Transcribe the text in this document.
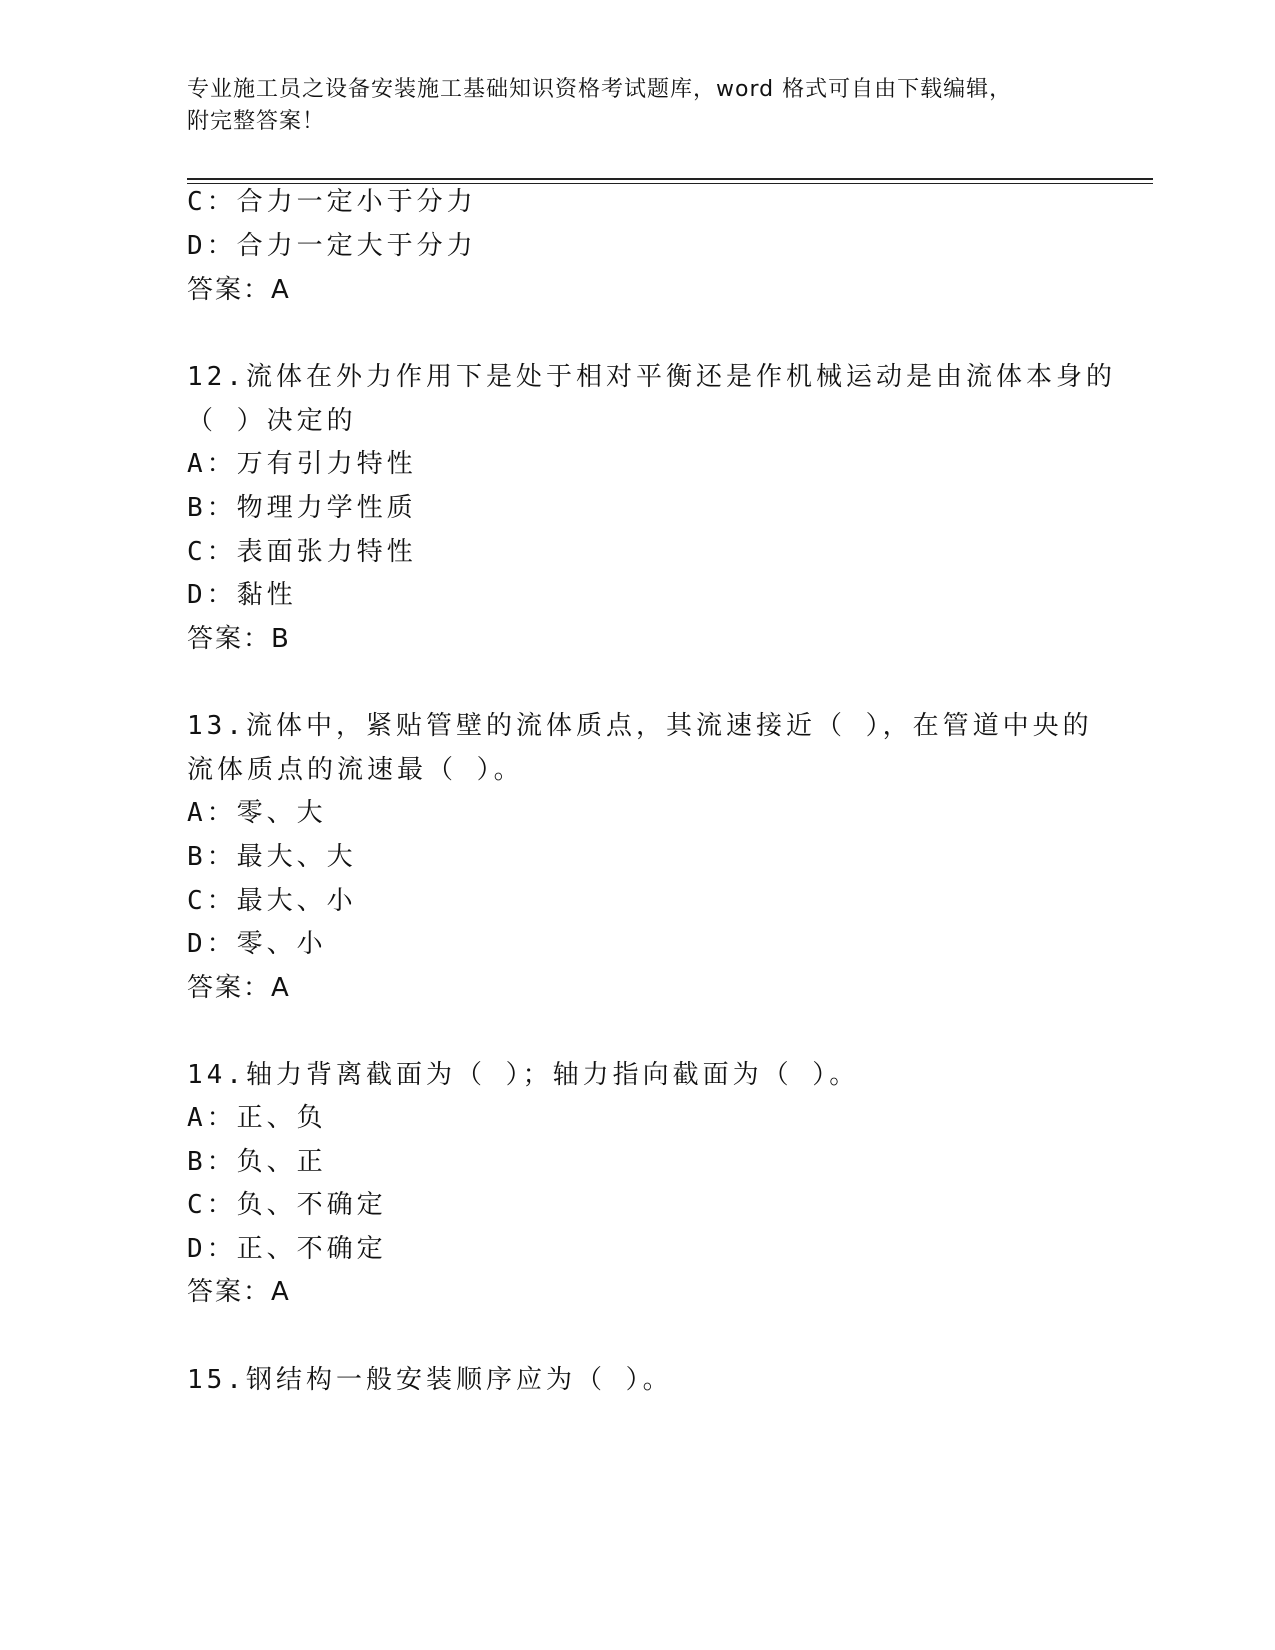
专业施工员之设备安装施工基础知识资格考试题库，word 格式可自由下载编辑，
附完整答案！
C：合力一定小于分力
D：合力一定大于分力
答案：A
12.流体在外力作用下是处于相对平衡还是作机械运动是由流体本身的
（ ）决定的
A：万有引力特性
B：物理力学性质
C：表面张力特性
D：黏性
答案：B
13.流体中，紧贴管壁的流体质点，其流速接近（ ），在管道中央的
流体质点的流速最（ ）。
A：零、大
B：最大、大
C：最大、小
D：零、小
答案：A
14.轴力背离截面为（ ）；轴力指向截面为（ ）。
A：正、负
B：负、正
C：负、不确定
D：正、不确定
答案：A
15.钢结构一般安装顺序应为（ ）。
